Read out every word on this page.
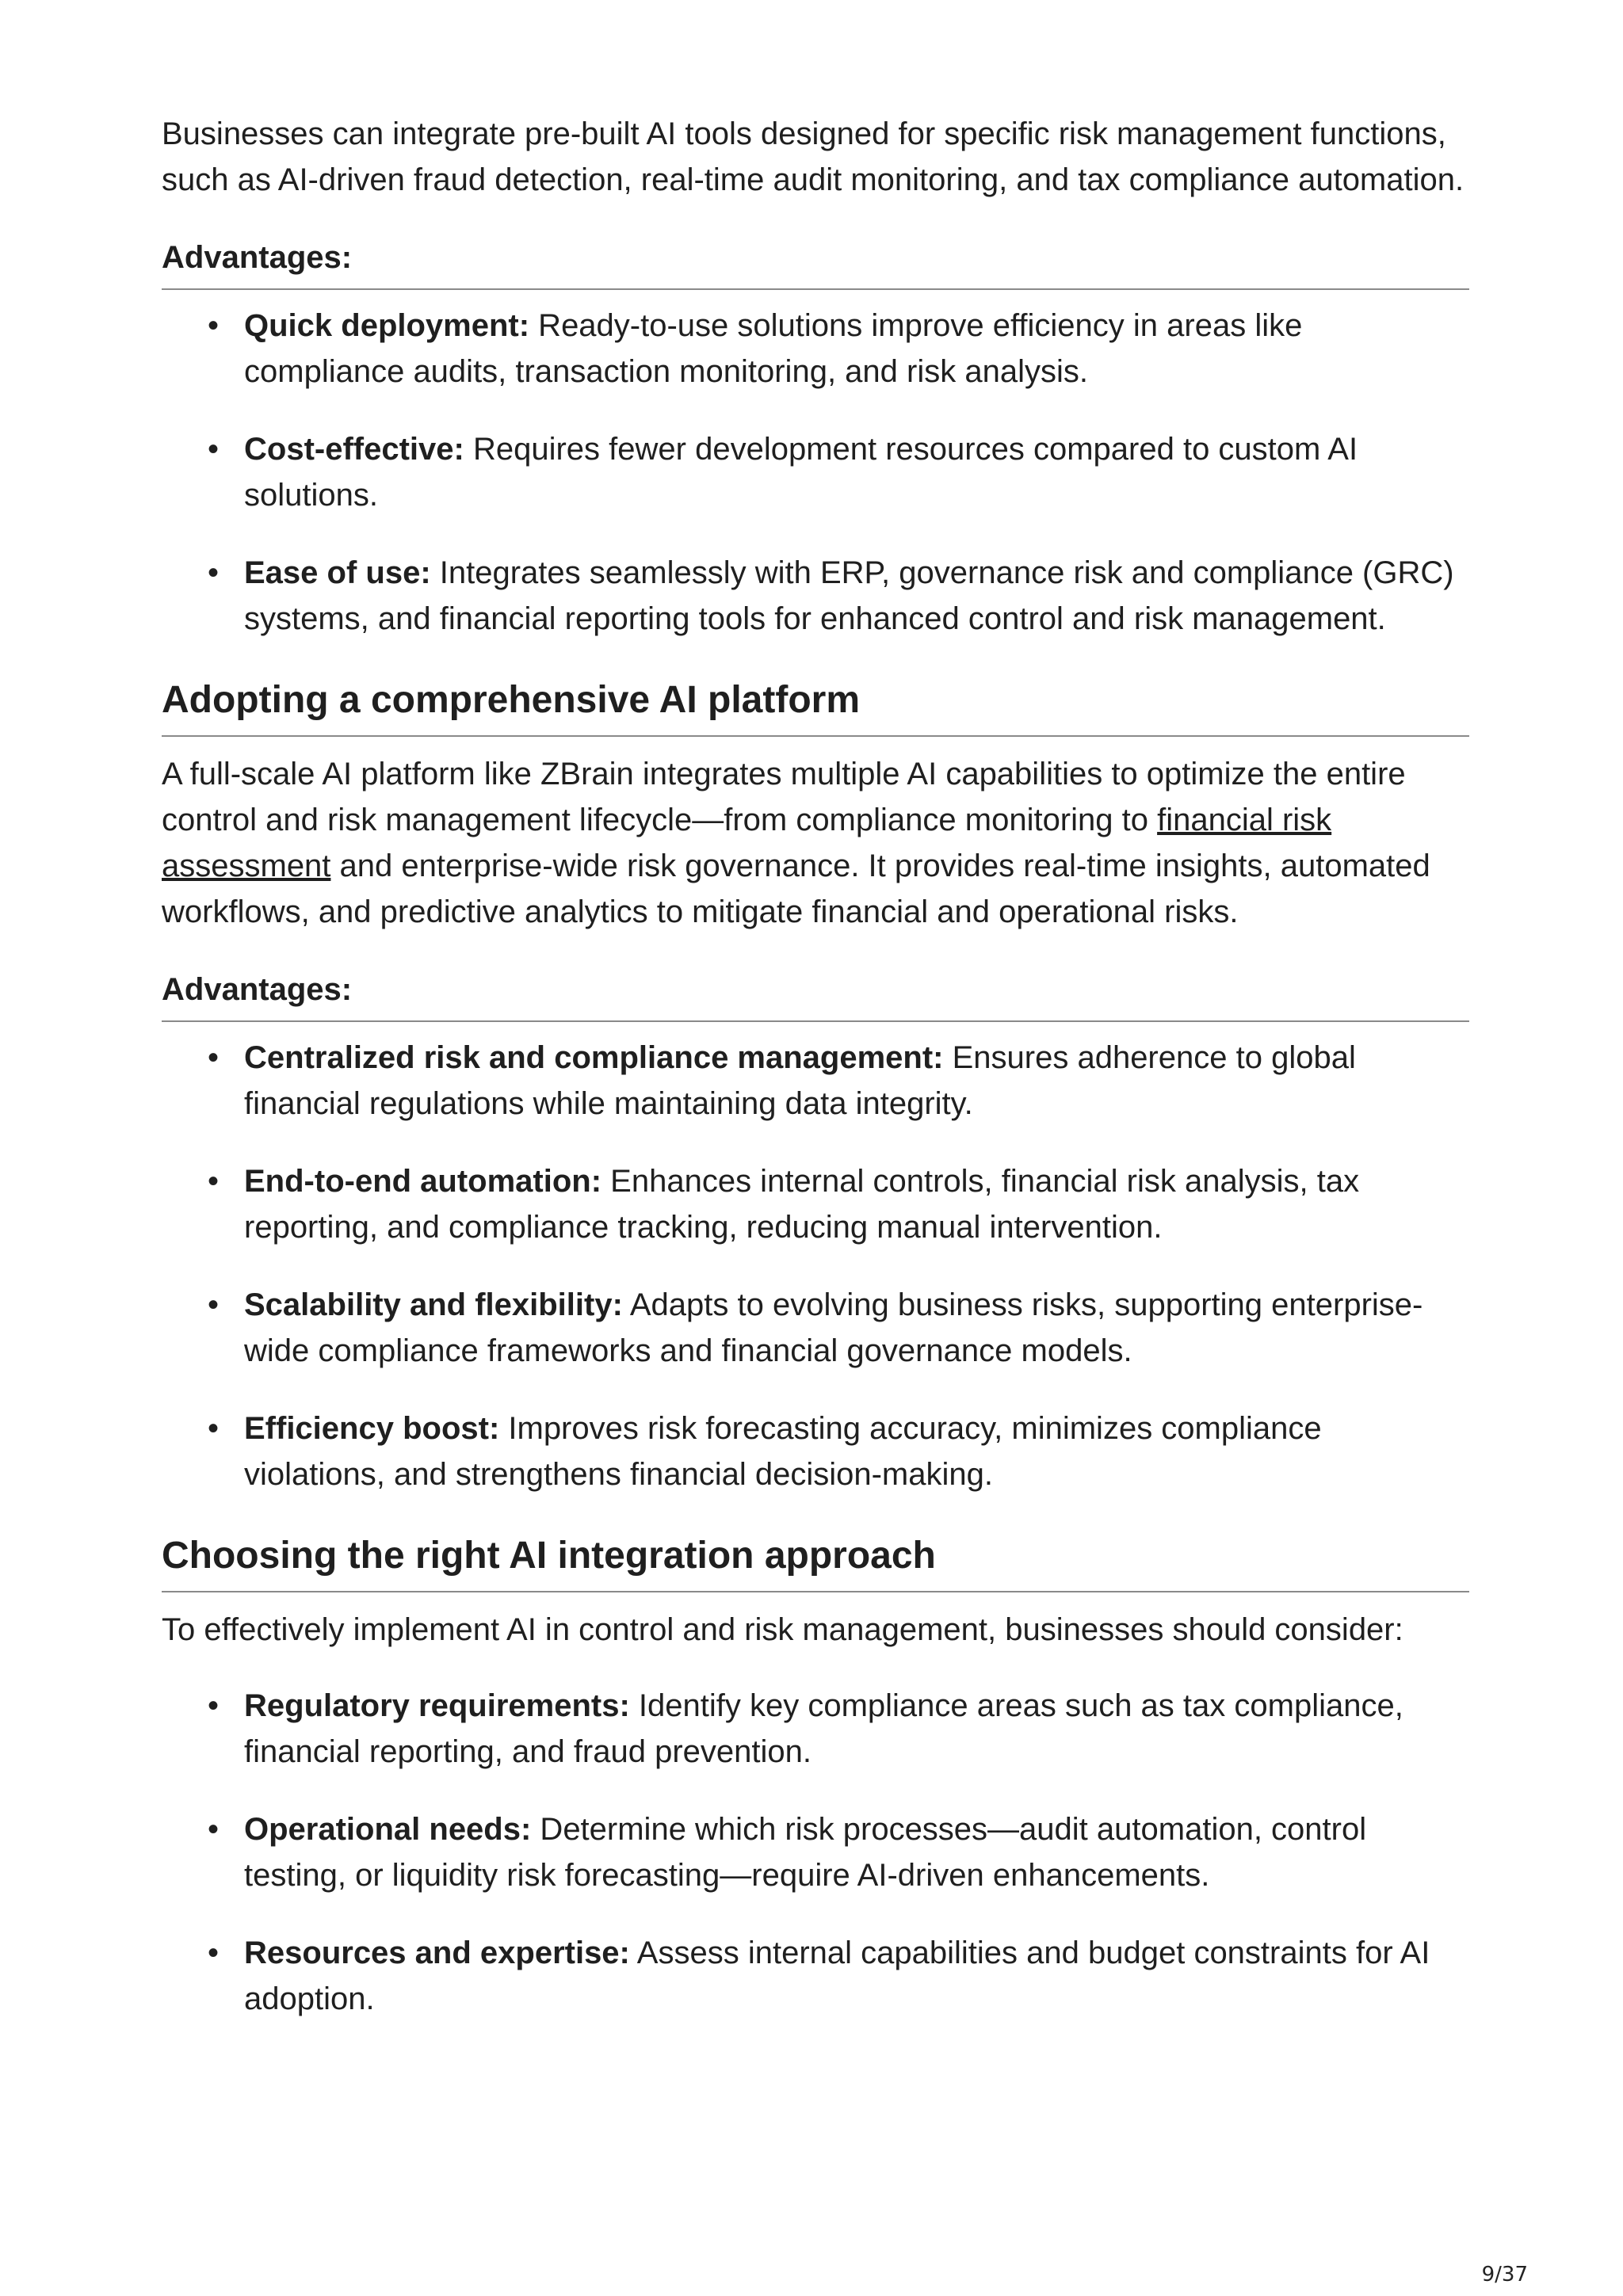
Businesses can integrate pre-built AI tools designed for specific risk management functions, such as AI-driven fraud detection, real-time audit monitoring, and tax compliance automation.

Advantages:
• Quick deployment: Ready-to-use solutions improve efficiency in areas like compliance audits, transaction monitoring, and risk analysis.
• Cost-effective: Requires fewer development resources compared to custom AI solutions.
• Ease of use: Integrates seamlessly with ERP, governance risk and compliance (GRC) systems, and financial reporting tools for enhanced control and risk management.
Adopting a comprehensive AI platform

A full-scale AI platform like ZBrain integrates multiple AI capabilities to optimize the entire control and risk management lifecycle—from compliance monitoring to financial risk assessment and enterprise-wide risk governance. It provides real-time insights, automated workflows, and predictive analytics to mitigate financial and operational risks.

Advantages:
• Centralized risk and compliance management: Ensures adherence to global financial regulations while maintaining data integrity.
• End-to-end automation: Enhances internal controls, financial risk analysis, tax reporting, and compliance tracking, reducing manual intervention.
• Scalability and flexibility: Adapts to evolving business risks, supporting enterprise-wide compliance frameworks and financial governance models.
• Efficiency boost: Improves risk forecasting accuracy, minimizes compliance violations, and strengthens financial decision-making.
Choosing the right AI integration approach

To effectively implement AI in control and risk management, businesses should consider:

• Regulatory requirements: Identify key compliance areas such as tax compliance, financial reporting, and fraud prevention.
• Operational needs: Determine which risk processes—audit automation, control testing, or liquidity risk forecasting—require AI-driven enhancements.
• Resources and expertise: Assess internal capabilities and budget constraints for AI adoption.
9/37
